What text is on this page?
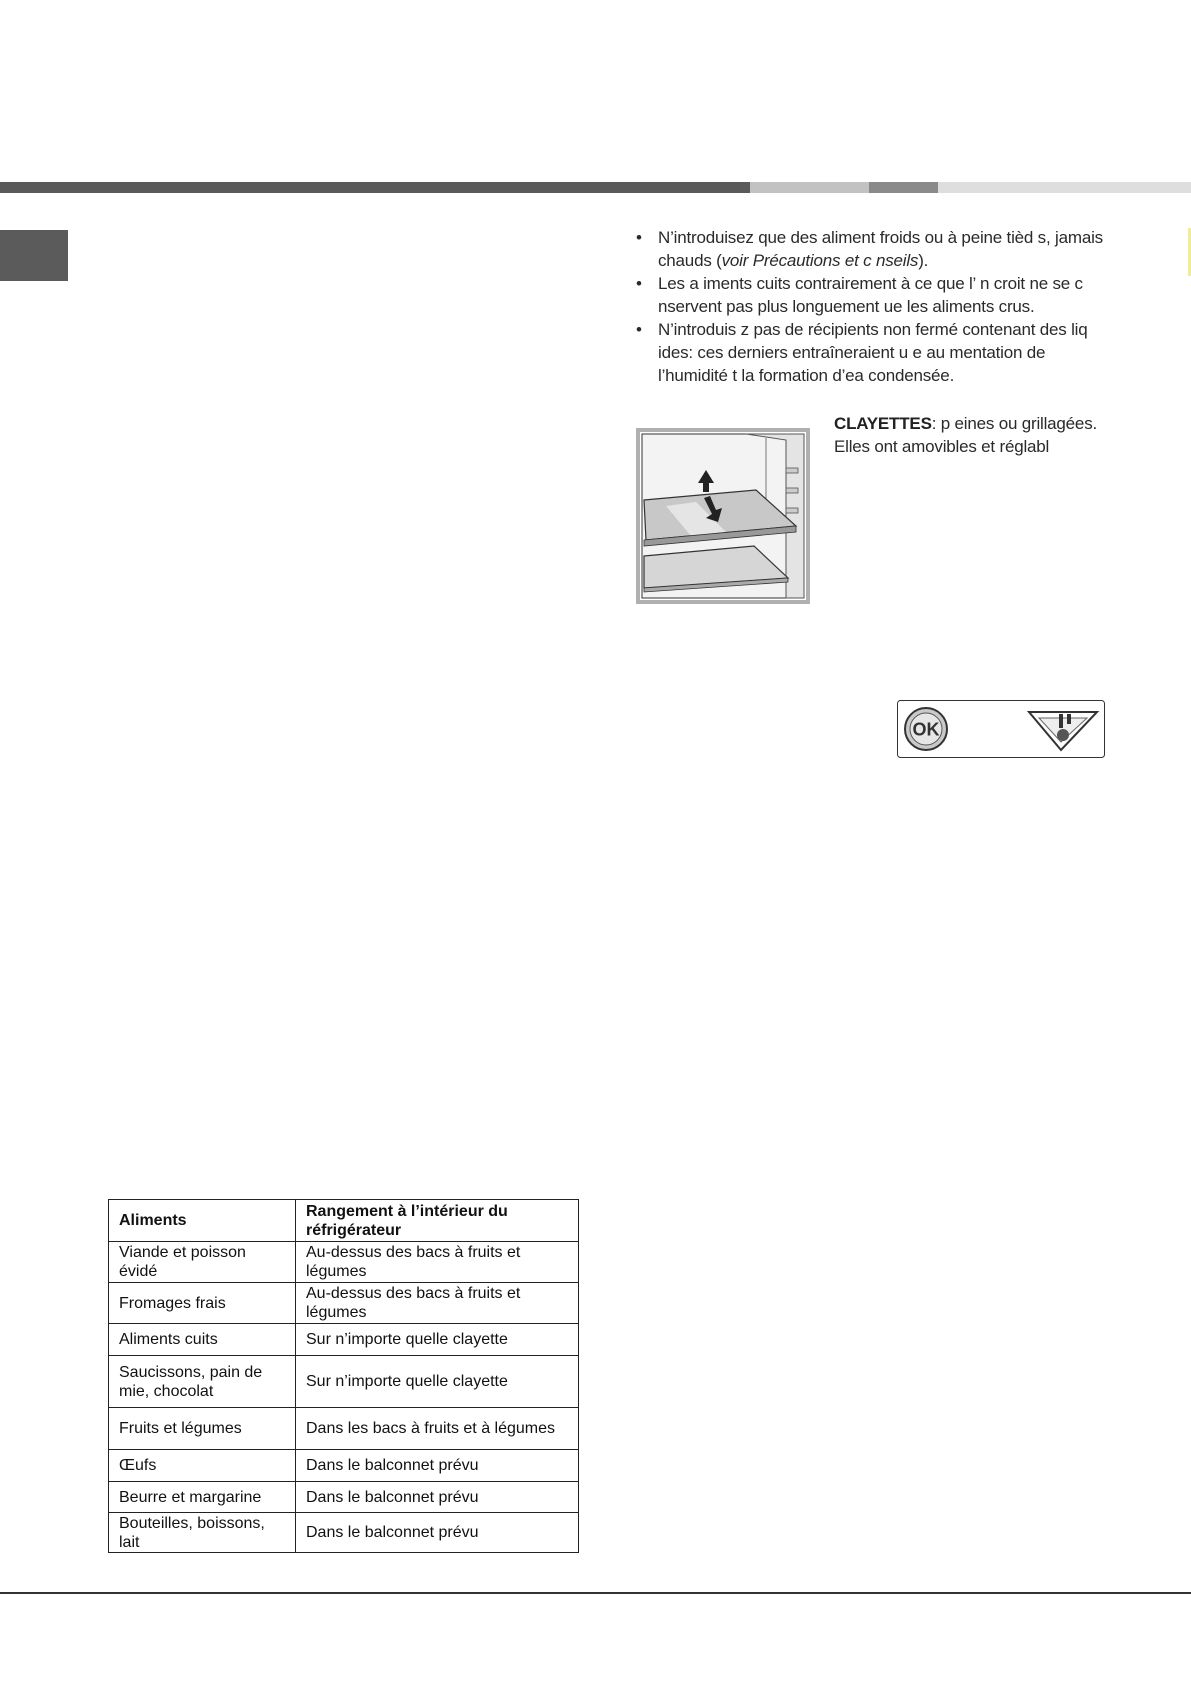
• N’introduisez que des aliment froids ou à peine tièd s, jamais chauds (voir Précautions et c nseils).
• Les a iments cuits contrairement à ce que l’ n croit ne se c nservent pas plus longuement ue les aliments crus.
• N’introduis z pas de récipients non fermé contenant des liq ides: ces derniers entraîneraient u e au mentation de l’humidité t la formation d’ea condensée.
CLAYETTES: p eines ou grillagées. Elles ont amovibles et réglabl
OK
Aliments	Rangement à l’intérieur du réfrigérateur
Viande et poisson évidé	Au-dessus des bacs à fruits et légumes
Fromages frais	Au-dessus des bacs à fruits et légumes
Aliments cuits	Sur n’importe quelle clayette
Saucissons, pain de mie, chocolat	Sur n’importe quelle clayette
Fruits et légumes	Dans les bacs à fruits et à légumes
Œufs	Dans le balconnet prévu
Beurre et margarine	Dans le balconnet prévu
Bouteilles, boissons, lait	Dans le balconnet prévu
